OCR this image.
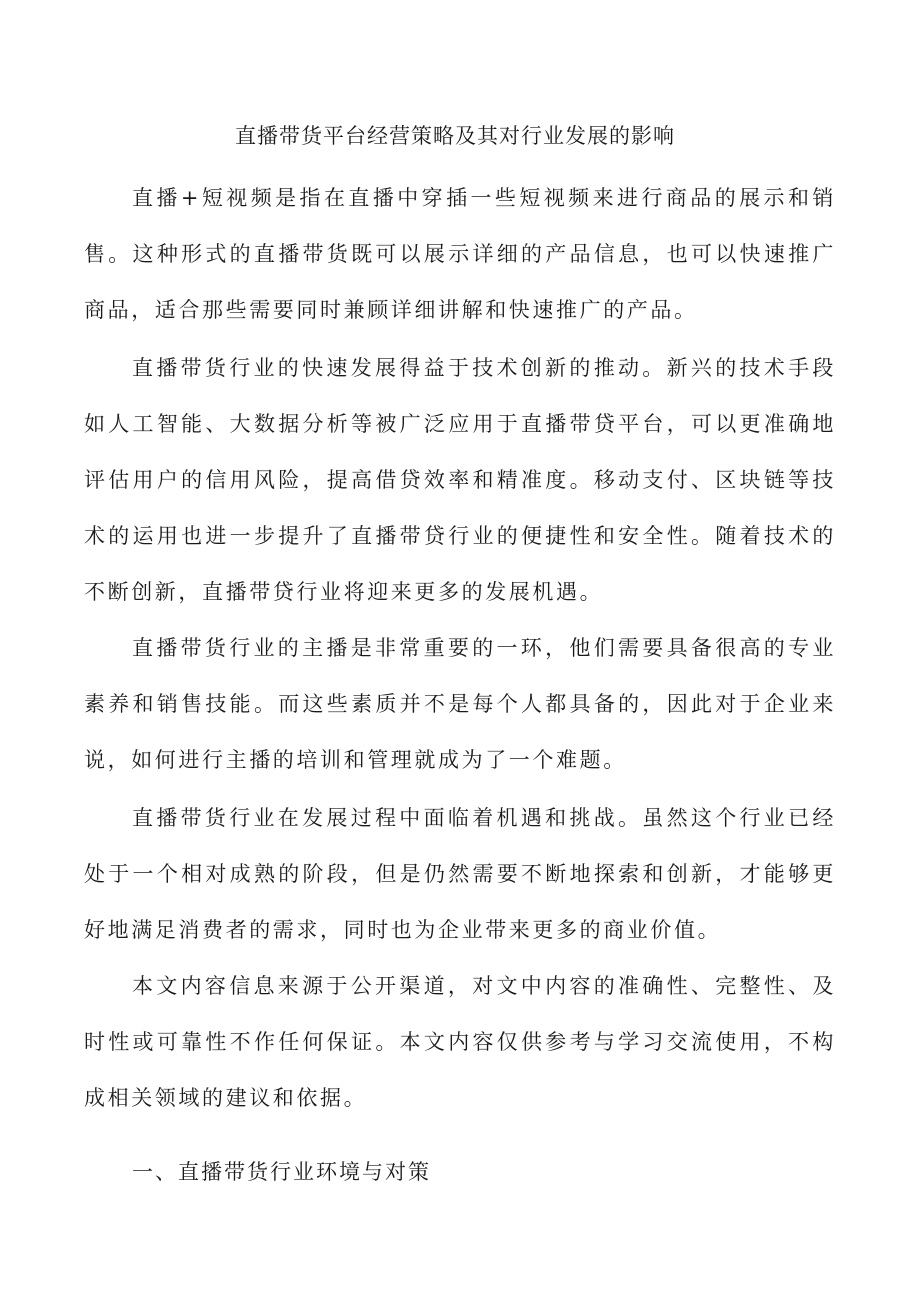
直播带货平台经营策略及其对行业发展的影响

直播+短视频是指在直播中穿插一些短视频来进行商品的展示和销售。这种形式的直播带货既可以展示详细的产品信息，也可以快速推广商品，适合那些需要同时兼顾详细讲解和快速推广的产品。

直播带货行业的快速发展得益于技术创新的推动。新兴的技术手段如人工智能、大数据分析等被广泛应用于直播带贷平台，可以更准确地评估用户的信用风险，提高借贷效率和精准度。移动支付、区块链等技术的运用也进一步提升了直播带贷行业的便捷性和安全性。随着技术的不断创新，直播带贷行业将迎来更多的发展机遇。

直播带货行业的主播是非常重要的一环，他们需要具备很高的专业素养和销售技能。而这些素质并不是每个人都具备的，因此对于企业来说，如何进行主播的培训和管理就成为了一个难题。

直播带货行业在发展过程中面临着机遇和挑战。虽然这个行业已经处于一个相对成熟的阶段，但是仍然需要不断地探索和创新，才能够更好地满足消费者的需求，同时也为企业带来更多的商业价值。

本文内容信息来源于公开渠道，对文中内容的准确性、完整性、及时性或可靠性不作任何保证。本文内容仅供参考与学习交流使用，不构成相关领域的建议和依据。

一、直播带货行业环境与对策
